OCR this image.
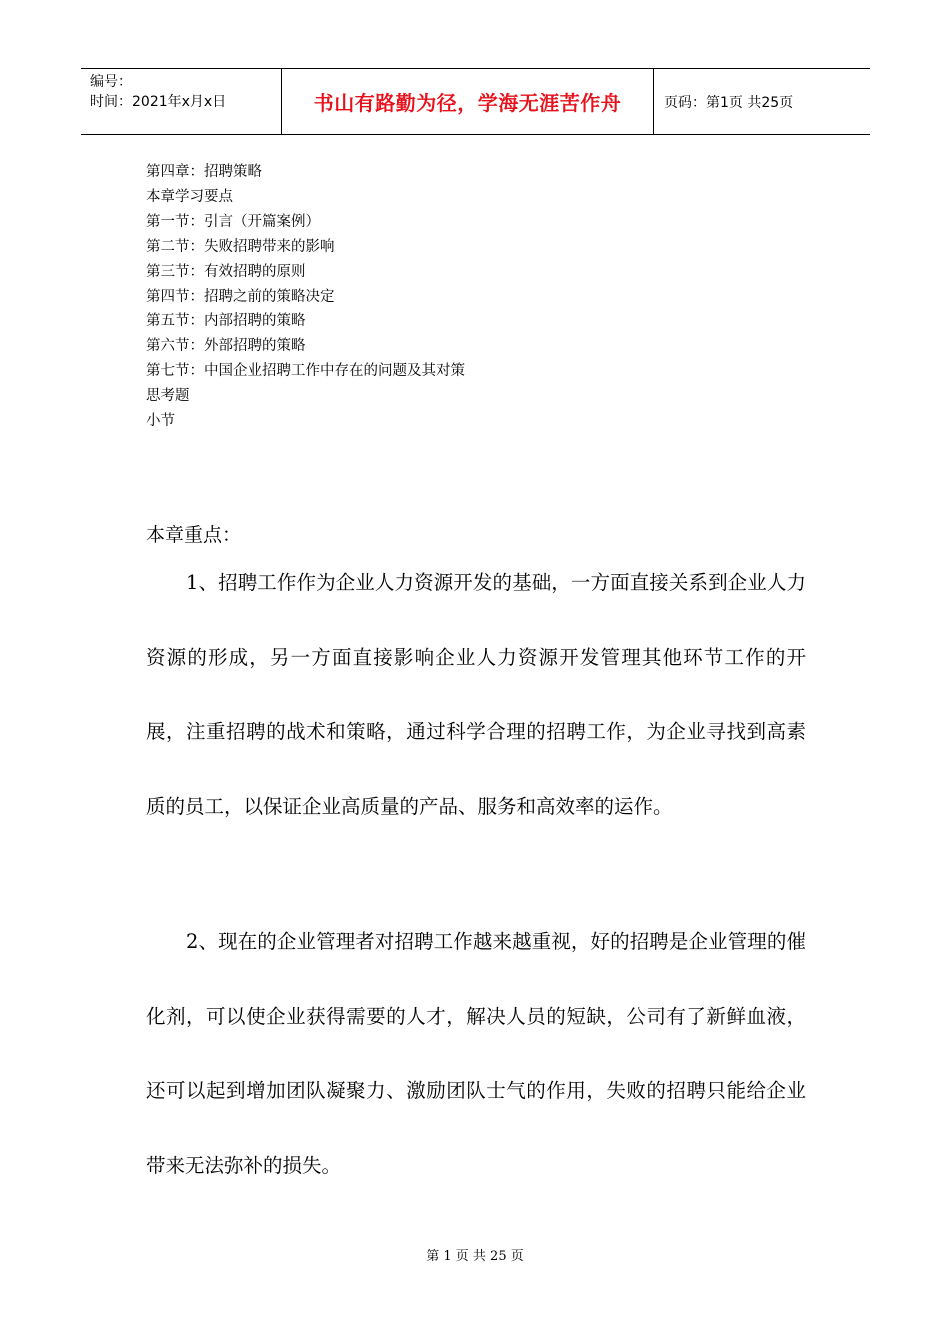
编号：
时间：2021年x月x日	书山有路勤为径，学海无涯苦作舟	页码：第1页 共25页
第四章：招聘策略
本章学习要点
第一节：引言（开篇案例）
第二节：失败招聘带来的影响
第三节：有效招聘的原则
第四节：招聘之前的策略决定
第五节：内部招聘的策略
第六节：外部招聘的策略
第七节：中国企业招聘工作中存在的问题及其对策
思考题
小节
本章重点：

1、招聘工作作为企业人力资源开发的基础，一方面直接关系到企业人力资源的形成，另一方面直接影响企业人力资源开发管理其他环节工作的开展，注重招聘的战术和策略，通过科学合理的招聘工作，为企业寻找到高素质的员工，以保证企业高质量的产品、服务和高效率的运作。

2、现在的企业管理者对招聘工作越来越重视，好的招聘是企业管理的催化剂，可以使企业获得需要的人才，解决人员的短缺，公司有了新鲜血液，还可以起到增加团队凝聚力、激励团队士气的作用，失败的招聘只能给企业带来无法弥补的损失。

第 1 页 共 25 页
